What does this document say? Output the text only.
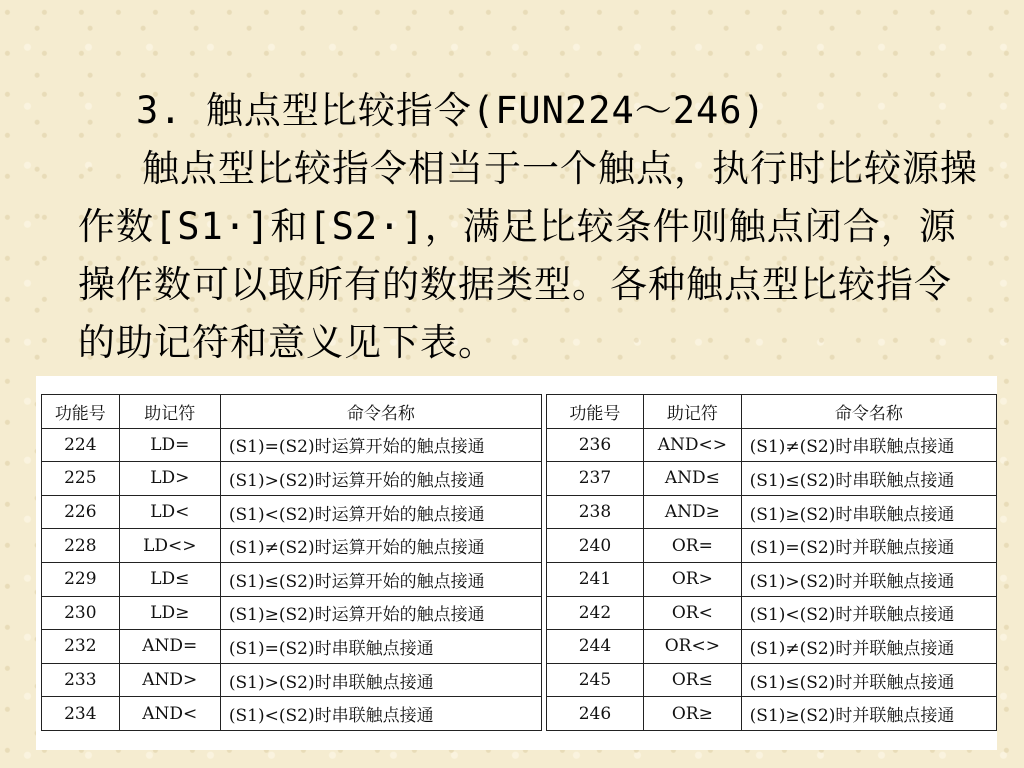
3. 触点型比较指令(FUN224～246)
触点型比较指令相当于一个触点，执行时比较源操作数[S1·]和[S2·]，满足比较条件则触点闭合，源操作数可以取所有的数据类型。各种触点型比较指令的助记符和意义见下表。
功能号	助记符	命令名称		功能号	助记符	命令名称
224	LD=	(S1)=(S2)时运算开始的触点接通		236	AND<>	(S1)≠(S2)时串联触点接通
225	LD>	(S1)>(S2)时运算开始的触点接通		237	AND≤	(S1)≤(S2)时串联触点接通
226	LD<	(S1)<(S2)时运算开始的触点接通		238	AND≥	(S1)≥(S2)时串联触点接通
228	LD<>	(S1)≠(S2)时运算开始的触点接通		240	OR=	(S1)=(S2)时并联触点接通
229	LD≤	(S1)≤(S2)时运算开始的触点接通		241	OR>	(S1)>(S2)时并联触点接通
230	LD≥	(S1)≥(S2)时运算开始的触点接通		242	OR<	(S1)<(S2)时并联触点接通
232	AND=	(S1)=(S2)时串联触点接通		244	OR<>	(S1)≠(S2)时并联触点接通
233	AND>	(S1)>(S2)时串联触点接通		245	OR≤	(S1)≤(S2)时并联触点接通
234	AND<	(S1)<(S2)时串联触点接通		246	OR≥	(S1)≥(S2)时并联触点接通
